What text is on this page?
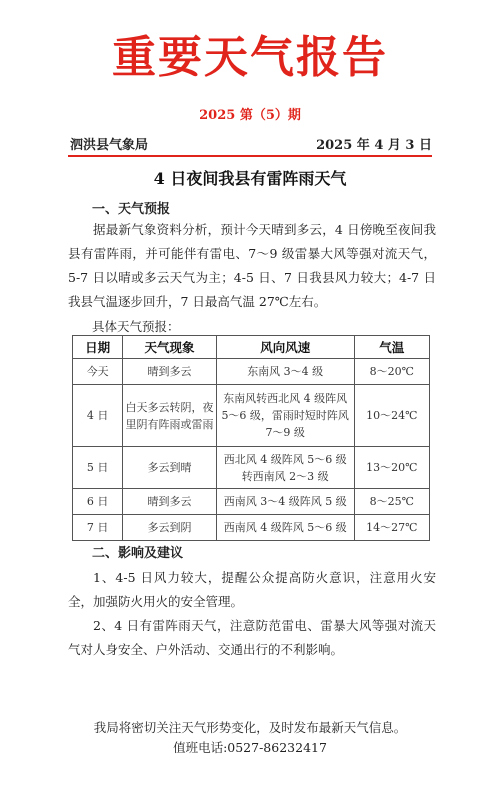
重要天气报告
2025 第（5）期
泗洪县气象局	2025 年 4 月 3 日
4 日夜间我县有雷阵雨天气
一、天气预报

据最新气象资料分析，预计今天晴到多云，4 日傍晚至夜间我县有雷阵雨，并可能伴有雷电、7～9 级雷暴大风等强对流天气，5-7 日以晴或多云天气为主；4-5 日、7 日我县风力较大；4-7 日我县气温逐步回升，7 日最高气温 27℃左右。

具体天气预报：
日期	天气现象	风向风速	气温
今天	晴到多云	东南风 3～4 级	8～20℃
4 日	白天多云转阴，夜里阴有阵雨或雷雨	东南风转西北风 4 级阵风 5～6 级，雷雨时短时阵风 7～9 级	10～24℃
5 日	多云到晴	西北风 4 级阵风 5～6 级转西南风 2～3 级	13～20℃
6 日	晴到多云	西南风 3～4 级阵风 5 级	8～25℃
7 日	多云到阴	西南风 4 级阵风 5～6 级	14～27℃
二、影响及建议

1、4-5 日风力较大，提醒公众提高防火意识，注意用火安全，加强防火用火的安全管理。

2、4 日有雷阵雨天气，注意防范雷电、雷暴大风等强对流天气对人身安全、户外活动、交通出行的不利影响。

我局将密切关注天气形势变化，及时发布最新天气信息。
值班电话:0527-86232417
